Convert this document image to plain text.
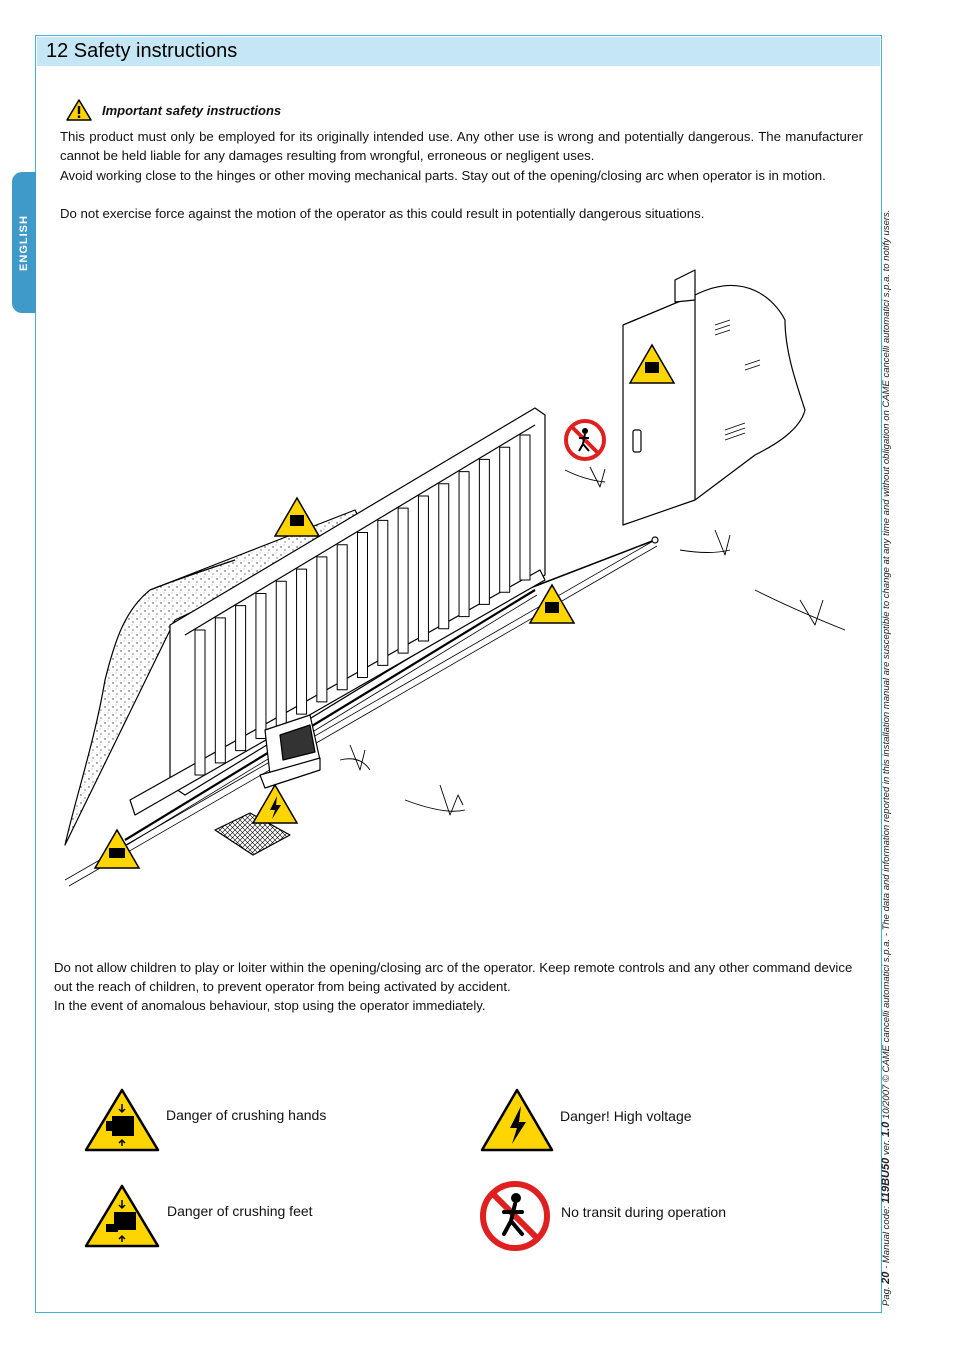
12 Safety instructions
ENGLISH
Important safety instructions

This product must only be employed for its originally intended use. Any other use is wrong and potentially dangerous. The manufacturer cannot be held liable for any damages resulting from wrongful, erroneous or negligent uses.

Avoid working close to the hinges or other moving mechanical parts. Stay out of the opening/closing arc when operator is in motion.

Do not exercise force against the motion of the operator as this could result in potentially dangerous situations.

Do not allow children to play or loiter within the opening/closing arc of the operator. Keep remote controls and any other command device out the reach of children, to prevent operator from being activated by accident.

In the event of anomalous behaviour, stop using the operator immediately.

Danger of crushing hands	Danger! High voltage
Danger of crushing feet	No transit during operation
Pag. 20 - Manual code: 119BU50 ver. 1.0 10/2007 © CAME cancelli automatici s.p.a. - The data and information reported in this installation manual are susceptible to change at any time and without obligation on CAME cancelli automatici s.p.a. to notify users.
